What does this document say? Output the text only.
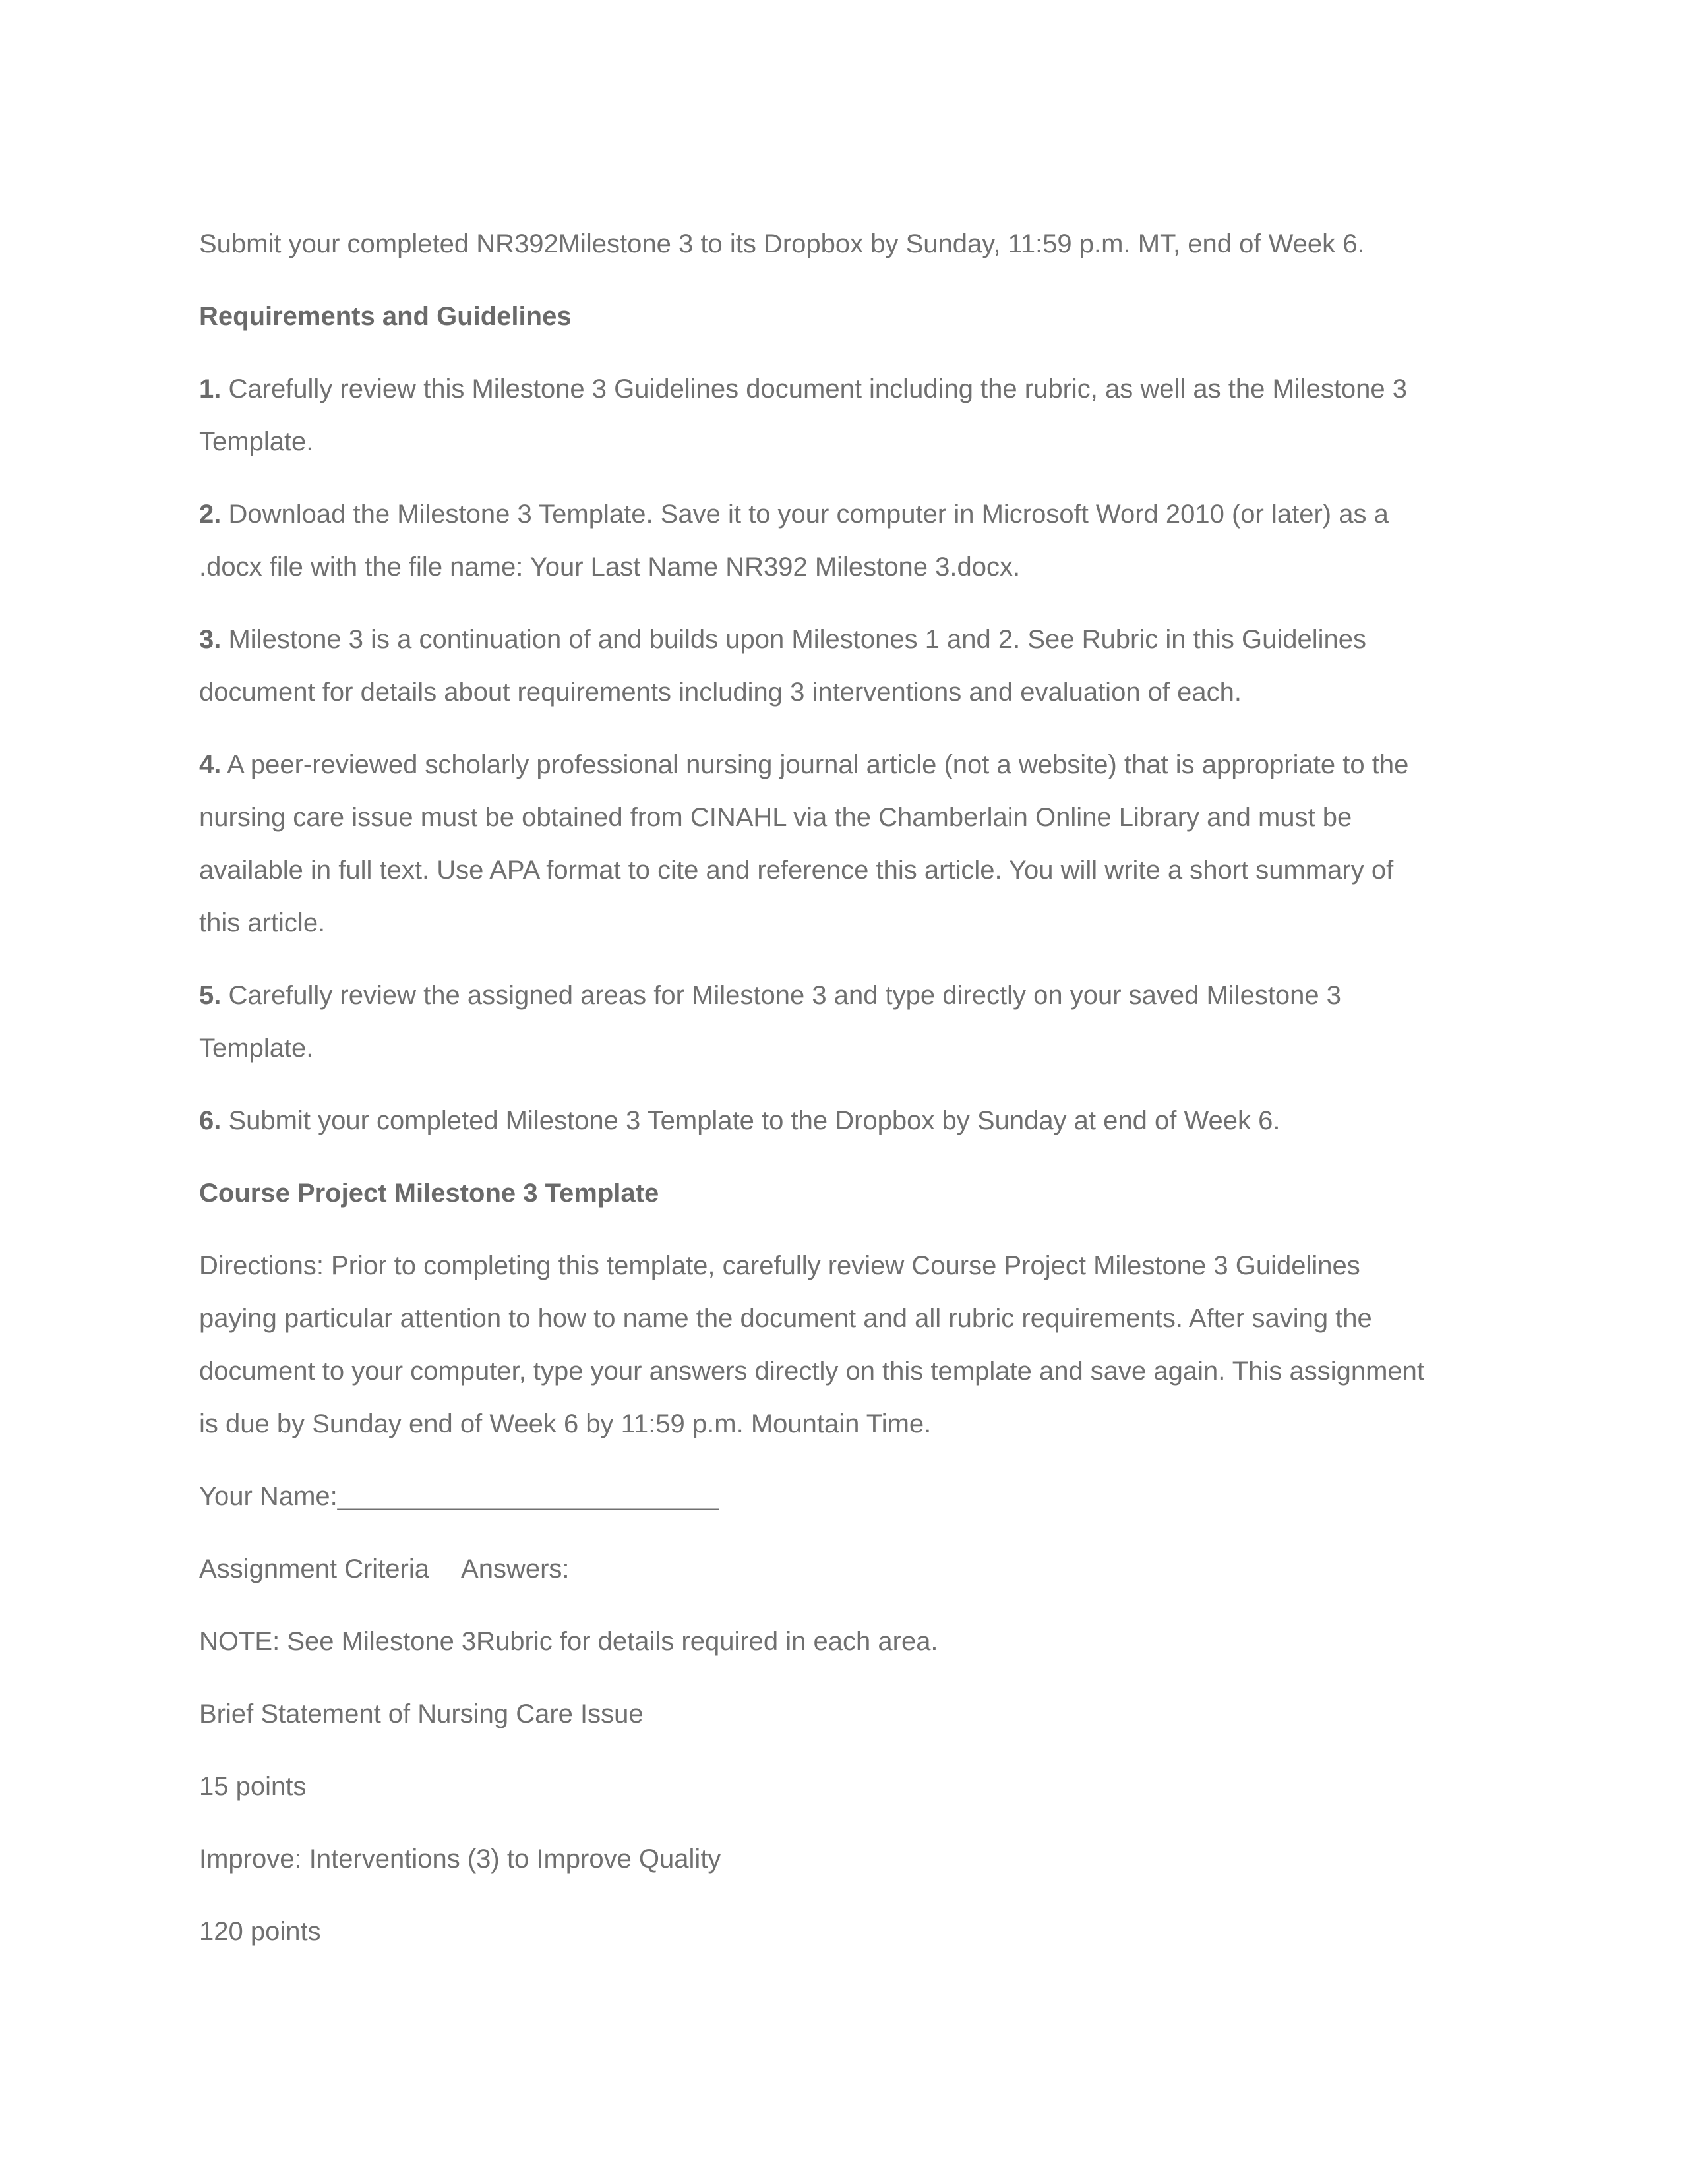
Submit your completed NR392Milestone 3 to its Dropbox by Sunday, 11:59 p.m. MT, end of Week 6.

Requirements and Guidelines

1. Carefully review this Milestone 3 Guidelines document including the rubric, as well as the Milestone 3

Template.

2. Download the Milestone 3 Template. Save it to your computer in Microsoft Word 2010 (or later) as a

.docx file with the file name: Your Last Name NR392 Milestone 3.docx.

3. Milestone 3 is a continuation of and builds upon Milestones 1 and 2. See Rubric in this Guidelines

document for details about requirements including 3 interventions and evaluation of each.

4. A peer-reviewed scholarly professional nursing journal article (not a website) that is appropriate to the

nursing care issue must be obtained from CINAHL via the Chamberlain Online Library and must be

available in full text. Use APA format to cite and reference this article. You will write a short summary of

this article.

5. Carefully review the assigned areas for Milestone 3 and type directly on your saved Milestone 3

Template.

6. Submit your completed Milestone 3 Template to the Dropbox by Sunday at end of Week 6.

Course Project Milestone 3 Template

Directions: Prior to completing this template, carefully review Course Project Milestone 3 Guidelines

paying particular attention to how to name the document and all rubric requirements. After saving the

document to your computer, type your answers directly on this template and save again. This assignment

is due by Sunday end of Week 6 by 11:59 p.m. Mountain Time.

Your Name:__________________________

Assignment Criteria Answers:

NOTE: See Milestone 3Rubric for details required in each area.

Brief Statement of Nursing Care Issue

15 points

Improve: Interventions (3) to Improve Quality

120 points
